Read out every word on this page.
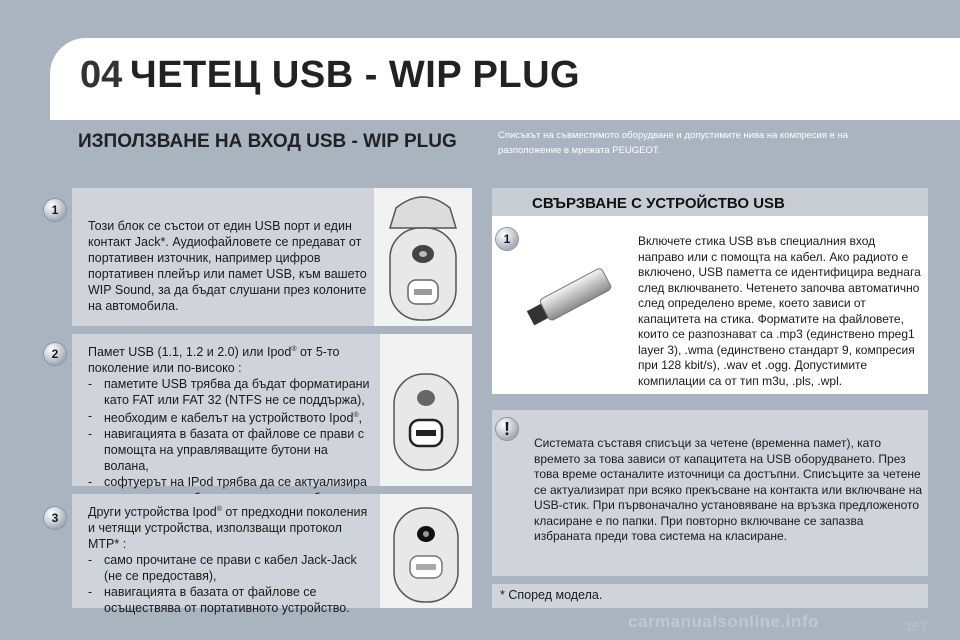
04 ЧЕТЕЦ USB - WIP PLUG
ИЗПОЛЗВАНЕ НА ВХОД USB - WIP PLUG	Списъкът на съвместимото оборудване и допустимите нива на компресия е на разположение в мрежата PEUGEOT.
Този блок се състои от един USB порт и един контакт Jack*. Аудиофайловете се предават от портативен източник, например цифров портативен плейър или памет USB, към вашето WIP Sound, за да бъдат слушани през колоните на автомобила.
1

Памет USB (1.1, 1.2 и 2.0) или Ipod® от 5-то поколение или по-високо :

- паметите USB трябва да бъдат форматирани като FAT или FAT 32 (NTFS не се поддържа),
- необходим е кабелът на устройството Ipod®,
- навигацията в базата от файлове се прави с помощта на управляващите бутони на волана,
- софтуерът на IPod трябва да се актуализира
2

Други устройства Ipod® от предходни поколения и четящи устройства, използващи протокол MTP* :

- само прочитане се прави с кабел Jack-Jack (не се предоставя),
- навигацията в базата от файлове се осъществява от портативното устройство.
3
СВЪРЗВАНЕ С УСТРОЙСТВО USB
Включете стика USB във специалния вход направо или с помощта на кабел. Ако радиото е включено, USB паметта се идентифицира веднага след включването. Четенето започва автоматично след определено време, което зависи от капацитета на стика. Форматите на файловете, които се разпознават са .mp3 (единствено mpeg1 layer 3), .wma (единствено стандарт 9, компресия при 128 kbit/s), .wav et .ogg. Допустимите компилации са от тип m3u, .pls, .wpl.
1
Системата съставя списъци за четене (временна памет), като времето за това зависи от капацитета на USB оборудването. През това време останалите източници са достъпни. Списъците за четене се актуализират при всяко прекъсване на контакта или включване на USB-стик. При първоначално установяване на връзка предложеното класиране е по папки. При повторно включване се запазва избраната преди това система на класиране.
!
* Според модела.
carmanualsonline.info	367
